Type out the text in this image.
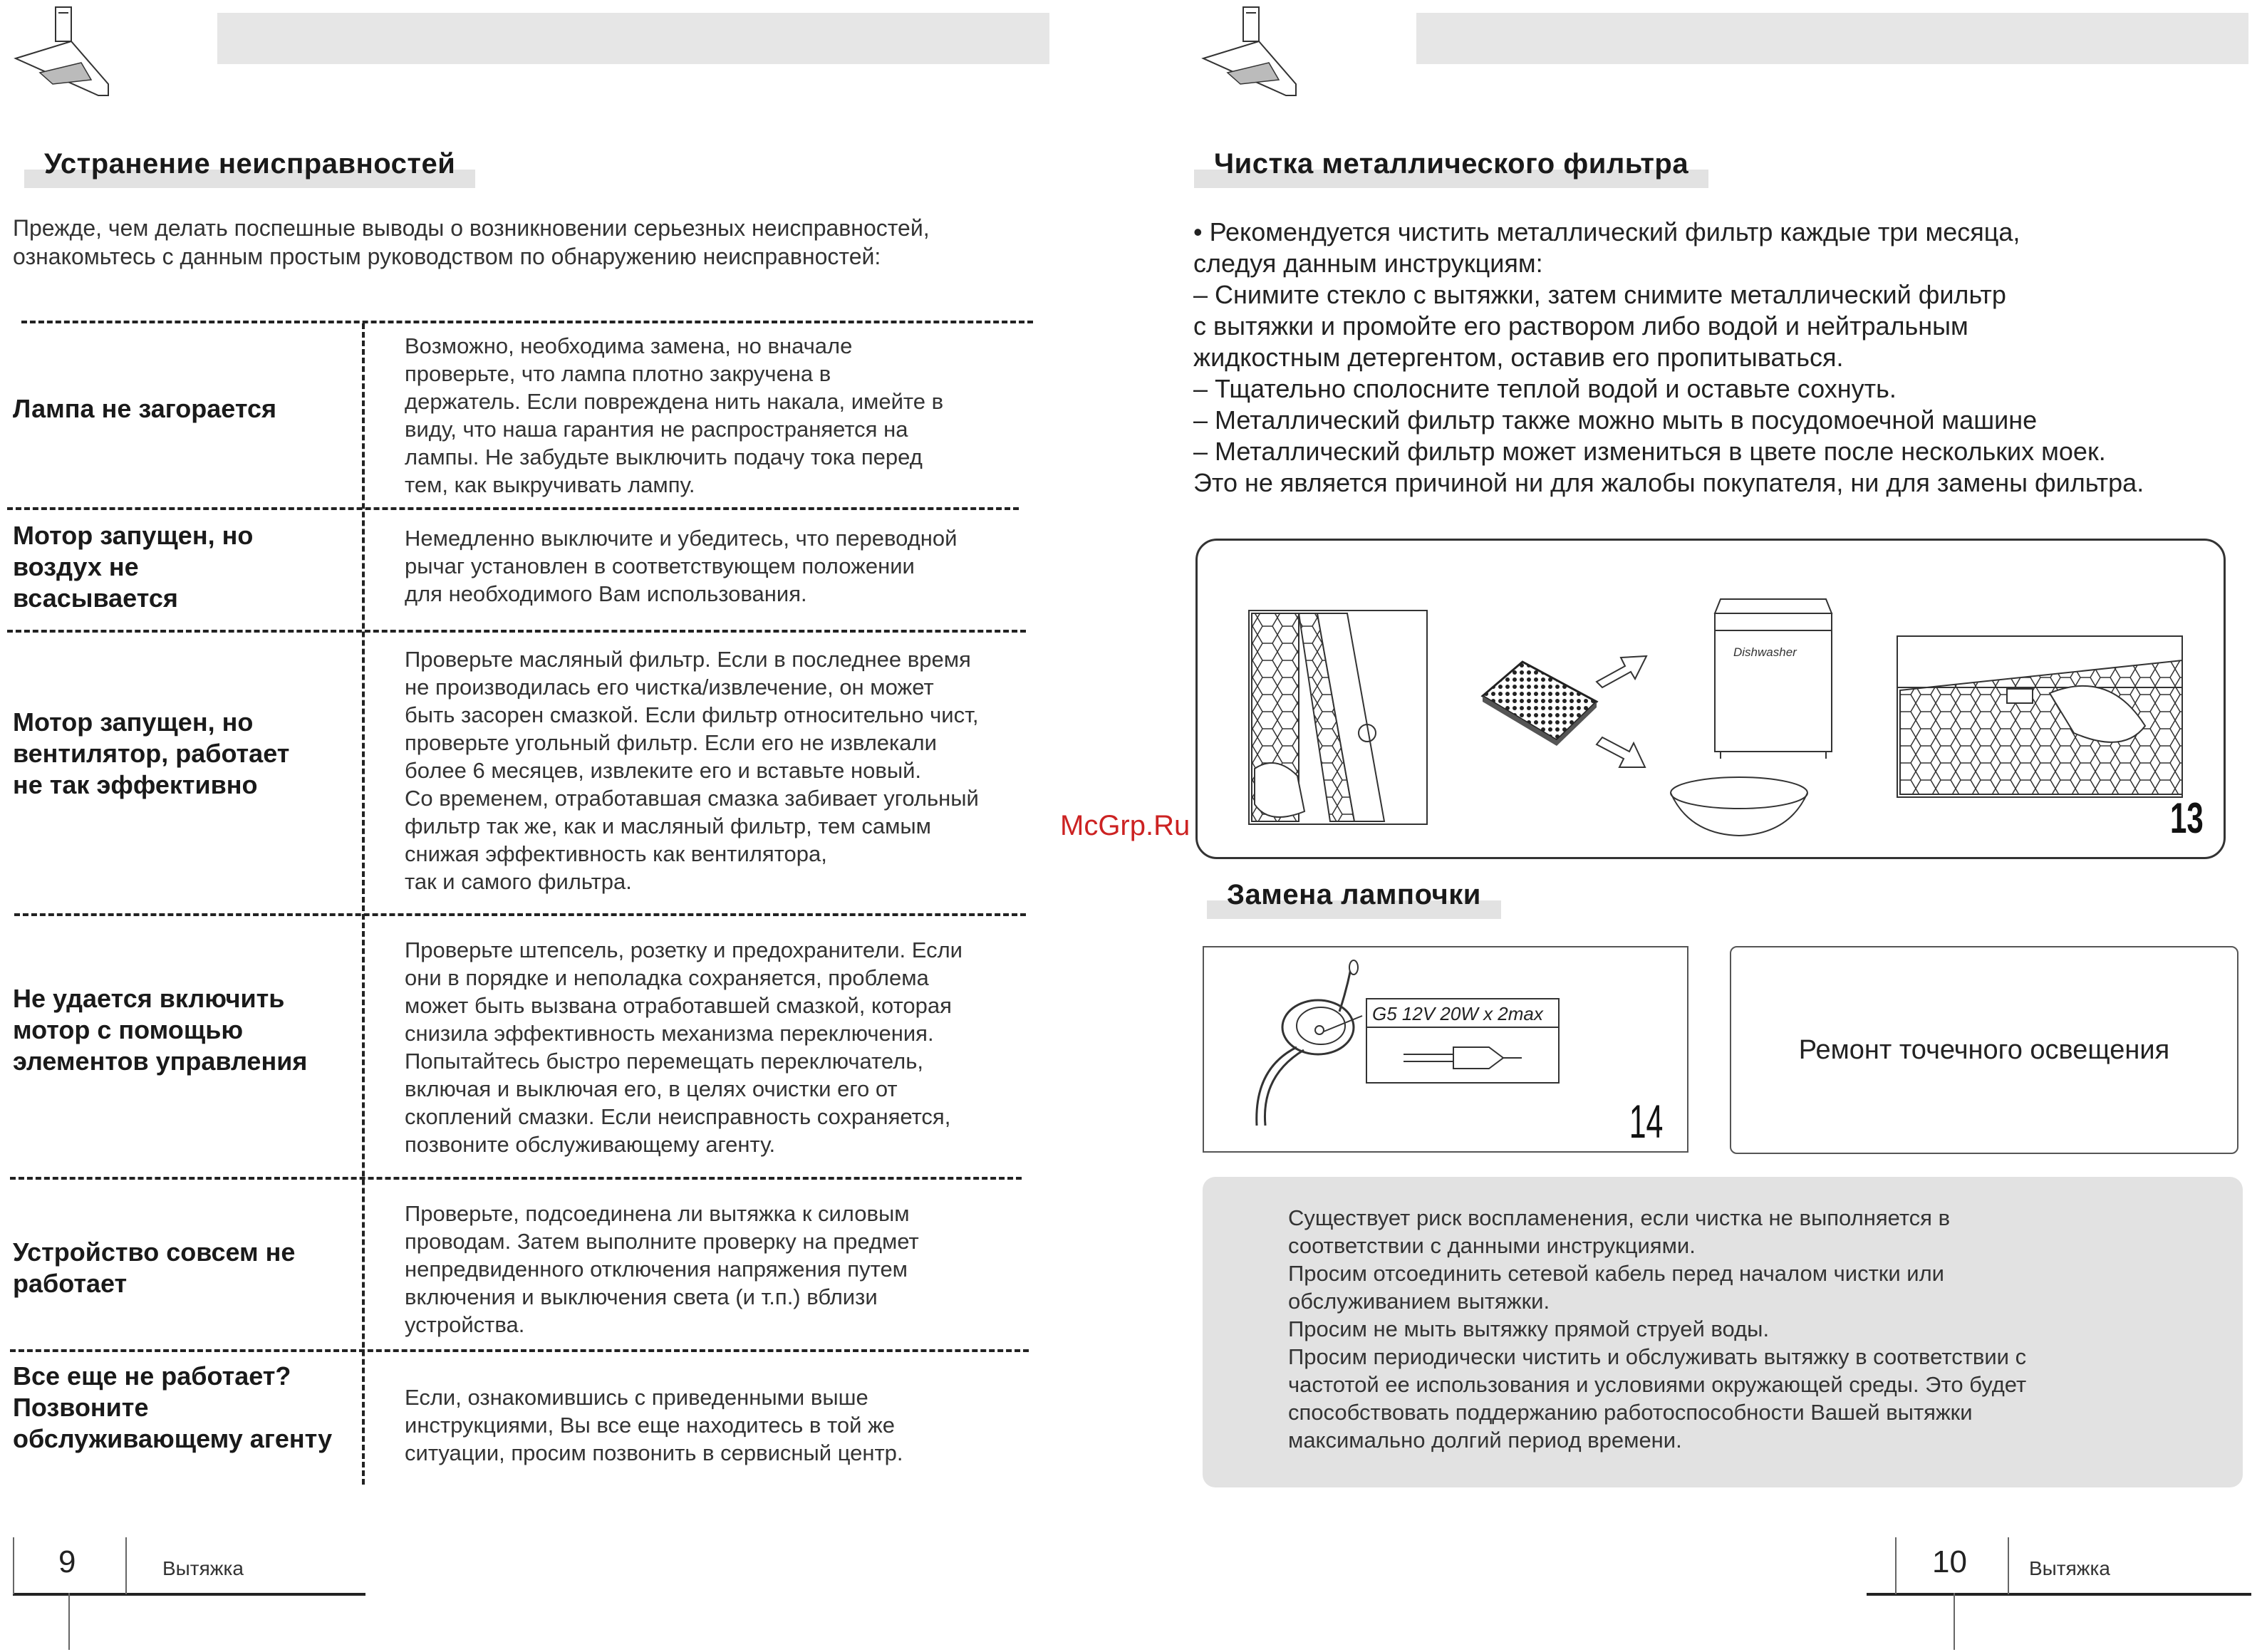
Устранение неисправностей
Прежде, чем делать поспешные выводы о возникновении серьезных неисправностей, ознакомьтесь с данным простым руководством по обнаружению неисправностей:
Лампа не загорается
Возможно, необходима замена, но вначале
проверьте, что лампа плотно закручена в
держатель. Если повреждена нить накала, имейте в
виду, что наша гарантия не распространяется на
лампы. Не забудьте выключить подачу тока перед
тем, как выкручивать лампу.
Мотор запущен, но воздух не всасывается
Немедленно выключите и убедитесь, что переводной
рычаг установлен в соответствующем положении
для необходимого Вам использования.
Мотор запущен, но вентилятор, работает не так эффективно
Проверьте масляный фильтр. Если в последнее время
не производилась его чистка/извлечение, он может
быть засорен смазкой. Если фильтр относительно чист,
проверьте угольный фильтр. Если его не извлекали
более 6 месяцев, извлеките его и вставьте новый.
Со временем, отработавшая смазка забивает угольный
фильтр так же, как и масляный фильтр, тем самым
снижая эффективность как вентилятора,
так и самого фильтра.
Не удается включить мотор с помощью элементов управления
Проверьте штепсель, розетку и предохранители. Если
они в порядке и неполадка сохраняется, проблема
может быть вызвана отработавшей смазкой, которая
снизила эффективность механизма переключения.
Попытайтесь быстро перемещать переключатель,
включая и выключая его, в целях очистки его от
скоплений смазки. Если неисправность сохраняется,
позвоните обслуживающему агенту.
Устройство совсем не работает
Проверьте, подсоединена ли вытяжка к силовым
проводам. Затем выполните проверку на предмет
непредвиденного отключения напряжения путем
включения и выключения света (и т.п.) вблизи
устройства.
Все еще не работает? Позвоните обслуживающему агенту
Если, ознакомившись с приведенными выше
инструкциями, Вы все еще находитесь в той же
ситуации, просим позвонить в сервисный центр.
9	Вытяжка
McGrp.Ru
Чистка металлического фильтра
• Рекомендуется чистить металлический фильтр каждые три месяца,
следуя данным инструкциям:
– Снимите стекло с вытяжки, затем снимите металлический фильтр
с вытяжки и промойте его раствором либо водой и нейтральным
жидкостным детергентом, оставив его пропитываться.
– Тщательно сполосните теплой водой и оставьте сохнуть.
– Металлический фильтр также можно мыть в посудомоечной машине
– Металлический фильтр может измениться в цвете после нескольких моек.
Это не является причиной ни для жалобы покупателя, ни для замены фильтра.
Dishwasher
13
Замена лампочки
G5 12V 20W x 2max
14
Ремонт точечного освещения
Существует риск воспламенения, если чистка не выполняется в
соответствии с данными инструкциями.
Просим отсоединить сетевой кабель перед началом чистки или
обслуживанием вытяжки.
Просим не мыть вытяжку прямой струей воды.
Просим периодически чистить и обслуживать вытяжку в соответствии с
частотой ее использования и условиями окружающей среды. Это будет
способствовать поддержанию работоспособности Вашей вытяжки
максимально долгий период времени.
10	Вытяжка
